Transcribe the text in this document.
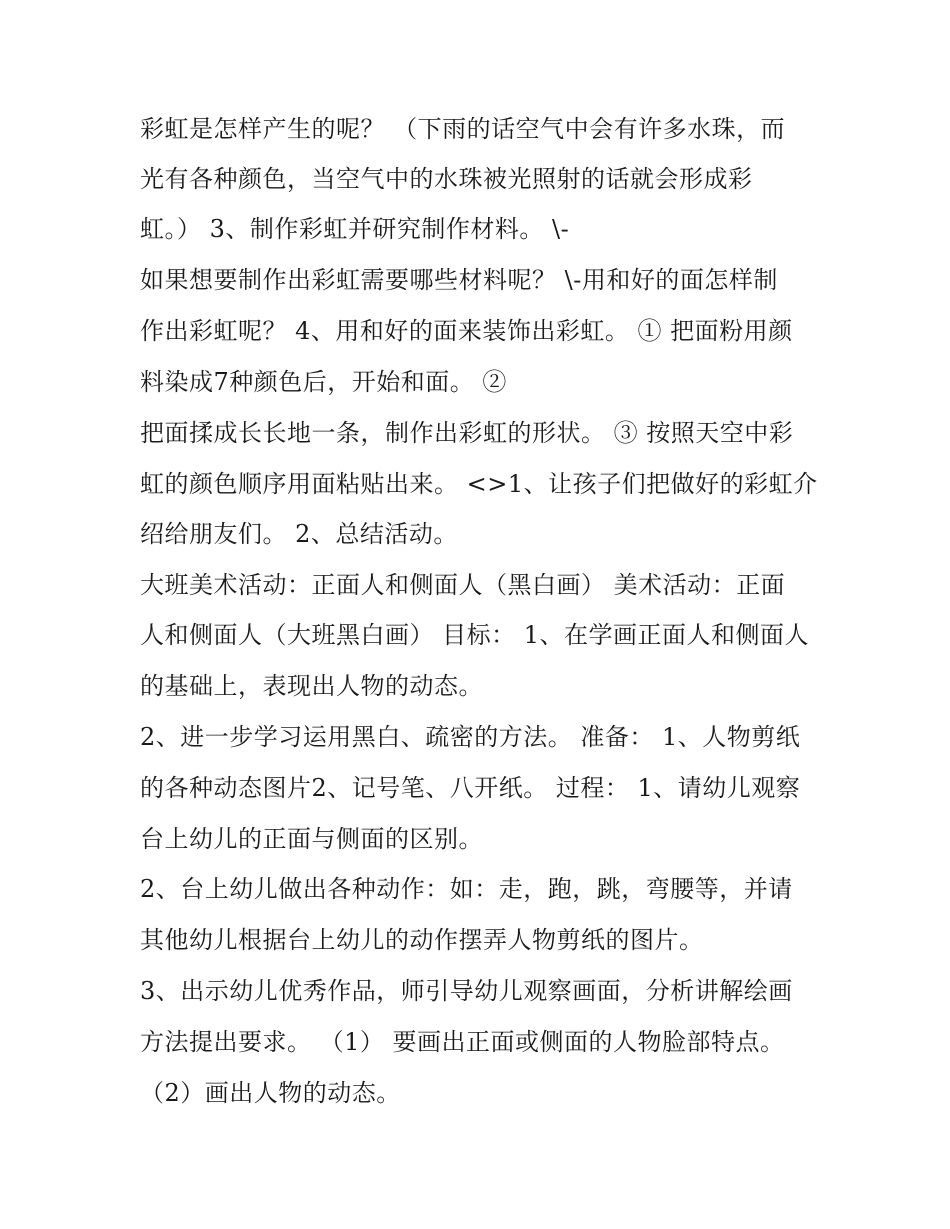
彩虹是怎样产生的呢？ （下雨的话空气中会有许多水珠，而
光有各种颜色，当空气中的水珠被光照射的话就会形成彩
虹。） 3、制作彩虹并研究制作材料。 \-
如果想要制作出彩虹需要哪些材料呢？ \-用和好的面怎样制
作出彩虹呢？ 4、用和好的面来装饰出彩虹。 ① 把面粉用颜
料染成7种颜色后，开始和面。 ②
把面揉成长长地一条，制作出彩虹的形状。 ③ 按照天空中彩
虹的颜色顺序用面粘贴出来。 <>1、让孩子们把做好的彩虹介
绍给朋友们。 2、总结活动。
大班美术活动：正面人和侧面人（黑白画） 美术活动：正面
人和侧面人（大班黑白画） 目标： 1、在学画正面人和侧面人
的基础上，表现出人物的动态。
2、进一步学习运用黑白、疏密的方法。 准备： 1、人物剪纸
的各种动态图片2、记号笔、八开纸。 过程： 1、请幼儿观察
台上幼儿的正面与侧面的区别。
2、台上幼儿做出各种动作：如：走，跑，跳，弯腰等，并请
其他幼儿根据台上幼儿的动作摆弄人物剪纸的图片。
3、出示幼儿优秀作品，师引导幼儿观察画面，分析讲解绘画
方法提出要求。 （1） 要画出正面或侧面的人物脸部特点。
（2）画出人物的动态。
